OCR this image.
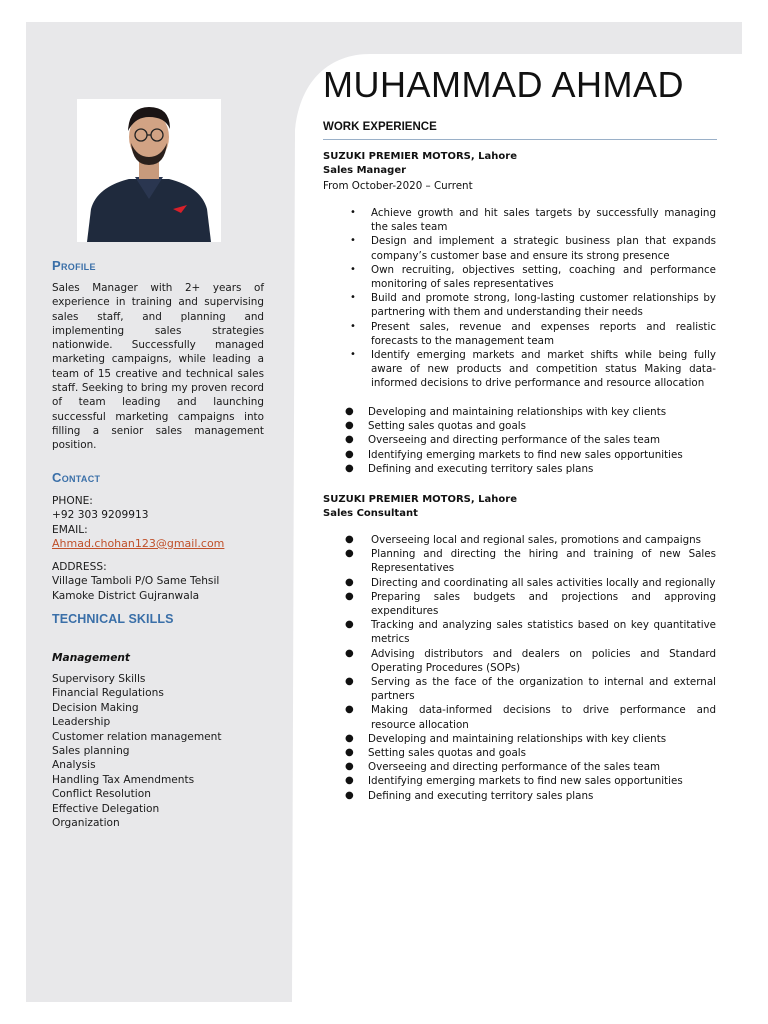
Profile

Sales Manager with 2+ years of experience in training and supervising sales staff, and planning and implementing sales strategies nationwide. Successfully managed marketing campaigns, while leading a team of 15 creative and technical sales staff. Seeking to bring my proven record of team leading and launching successful marketing campaigns into filling a senior sales management position.

Contact
PHONE:
+92 303 9209913
EMAIL:
Ahmad.chohan123@gmail.com
ADDRESS:
Village Tamboli P/O Same Tehsil
Kamoke District Gujranwala
TECHNICAL SKILLS
Management
Supervisory Skills
Financial Regulations
Decision Making
Leadership
Customer relation management
Sales planning
Analysis
Handling Tax Amendments
Conflict Resolution
Effective Delegation
Organization
MUHAMMAD AHMAD
WORK EXPERIENCE
SUZUKI PREMIER MOTORS, Lahore
Sales Manager
From October-2020 – Current
• Achieve growth and hit sales targets by successfully managing the sales team
• Design and implement a strategic business plan that expands company’s customer base and ensure its strong presence
• Own recruiting, objectives setting, coaching and performance monitoring of sales representatives
• Build and promote strong, long-lasting customer relationships by partnering with them and understanding their needs
• Present sales, revenue and expenses reports and realistic forecasts to the management team
• Identify emerging markets and market shifts while being fully aware of new products and competition status Making data-informed decisions to drive performance and resource allocation
● Developing and maintaining relationships with key clients
● Setting sales quotas and goals
● Overseeing and directing performance of the sales team
● Identifying emerging markets to find new sales opportunities
● Defining and executing territory sales plans
SUZUKI PREMIER MOTORS, Lahore
Sales Consultant
● Overseeing local and regional sales, promotions and campaigns
● Planning and directing the hiring and training of new Sales Representatives
● Directing and coordinating all sales activities locally and regionally
● Preparing sales budgets and projections and approving expenditures
● Tracking and analyzing sales statistics based on key quantitative metrics
● Advising distributors and dealers on policies and Standard Operating Procedures (SOPs)
● Serving as the face of the organization to internal and external partners
● Making data-informed decisions to drive performance and resource allocation
● Developing and maintaining relationships with key clients
● Setting sales quotas and goals
● Overseeing and directing performance of the sales team
● Identifying emerging markets to find new sales opportunities
● Defining and executing territory sales plans
